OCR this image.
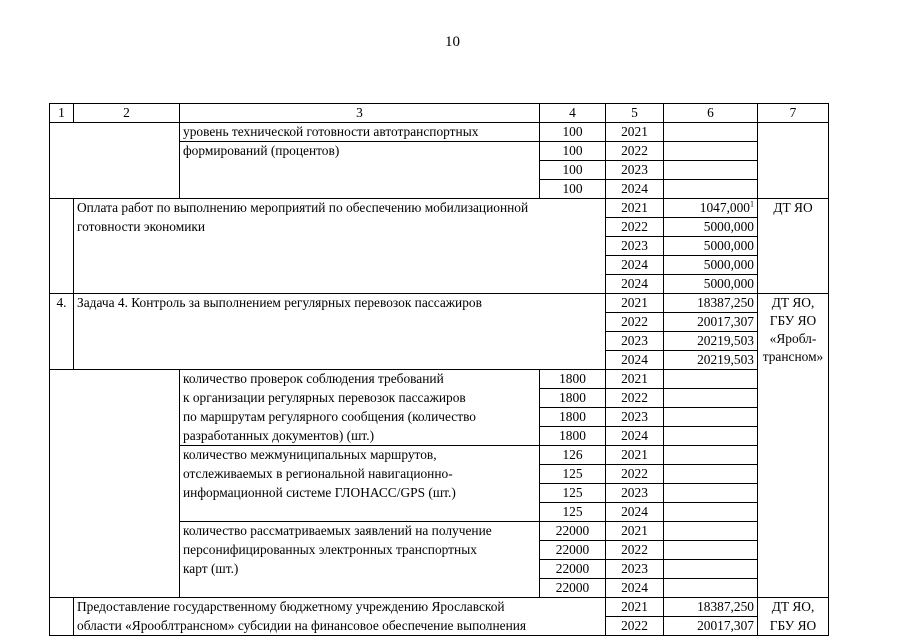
10
1	2	3	4	5	6	7
		уровень технической готовности автотранспортных	100	2021		
		формирований (процентов)	100	2022		
			100	2023		
			100	2024		
	Оплата работ по выполнению мероприятий по обеспечению мобилизационной			2021	1047,000$^1$	ДТ ЯО
	готовности экономики			2022	5000,000	
				2023	5000,000	
				2024	5000,000	
				2024	5000,000	
4.	Задача 4. Контроль за выполнением регулярных перевозок пассажиров			2021	18387,250	ДТ ЯО,
ГБУ ЯО
«Яробл-
трансном»

				2022	20017,307	
				2023	20219,503	
				2024	20219,503	
		количество проверок соблюдения требований	1800	2021		
		к организации регулярных перевозок пассажиров	1800	2022		
		по маршрутам регулярного сообщения (количество	1800	2023		
		разработанных документов) (шт.)	1800	2024		
		количество межмуниципальных маршрутов,	126	2021		
		отслеживаемых в региональной навигационно-	125	2022		
		информационной системе ГЛОНАСС/GPS (шт.)	125	2023		
			125	2024		
		количество рассматриваемых заявлений на получение	22000	2021		
		персонифицированных электронных транспортных	22000	2022		
		карт (шт.)	22000	2023		
			22000	2024		
	Предоставление государственному бюджетному учреждению Ярославской			2021	18387,250	ДТ ЯО,
	области «Ярооблтрансном» субсидии на финансовое обеспечение выполнения			2022	20017,307	ГБУ ЯО
